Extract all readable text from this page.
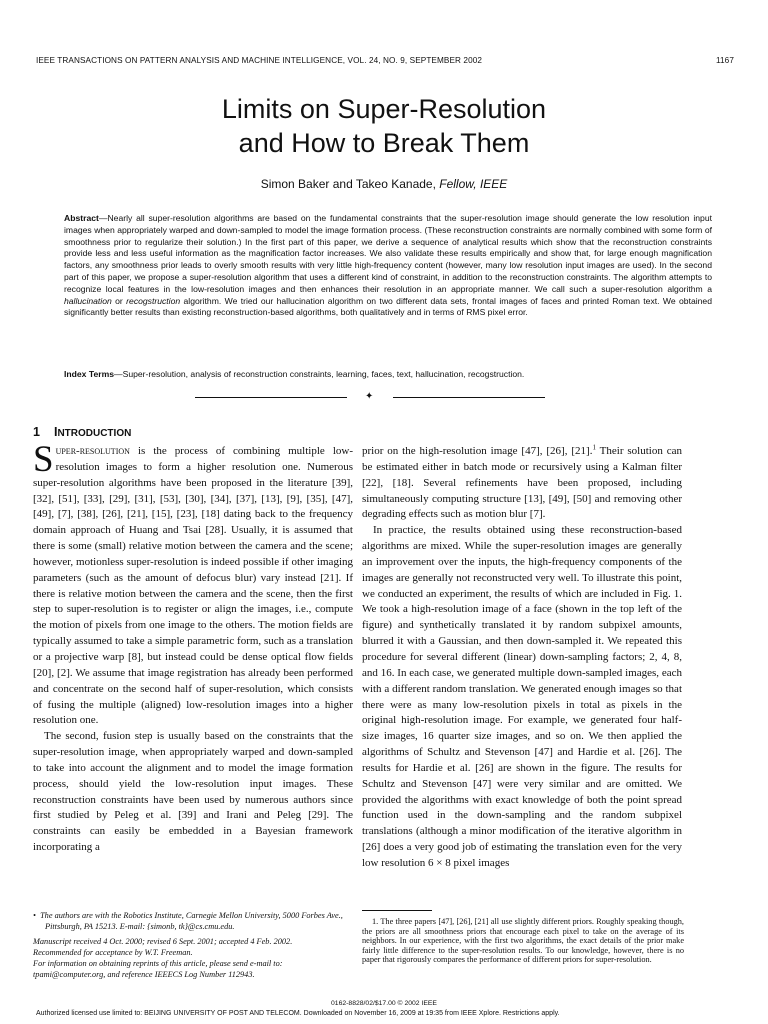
IEEE TRANSACTIONS ON PATTERN ANALYSIS AND MACHINE INTELLIGENCE, VOL. 24, NO. 9, SEPTEMBER 2002	1167
Limits on Super-Resolution
and How to Break Them
Simon Baker and Takeo Kanade, Fellow, IEEE

Abstract—Nearly all super-resolution algorithms are based on the fundamental constraints that the super-resolution image should generate the low resolution input images when appropriately warped and down-sampled to model the image formation process. (These reconstruction constraints are normally combined with some form of smoothness prior to regularize their solution.) In the first part of this paper, we derive a sequence of analytical results which show that the reconstruction constraints provide less and less useful information as the magnification factor increases. We also validate these results empirically and show that, for large enough magnification factors, any smoothness prior leads to overly smooth results with very little high-frequency content (however, many low resolution input images are used). In the second part of this paper, we propose a super-resolution algorithm that uses a different kind of constraint, in addition to the reconstruction constraints. The algorithm attempts to recognize local features in the low-resolution images and then enhances their resolution in an appropriate manner. We call such a super-resolution algorithm a hallucination or recogstruction algorithm. We tried our hallucination algorithm on two different data sets, frontal images of faces and printed Roman text. We obtained significantly better results than existing reconstruction-based algorithms, both qualitatively and in terms of RMS pixel error.

Index Terms—Super-resolution, analysis of reconstruction constraints, learning, faces, text, hallucination, recogstruction.

✦
1 INTRODUCTION

Super-resolution is the process of combining multiple low-resolution images to form a higher resolution one. Numerous super-resolution algorithms have been proposed in the literature [39], [32], [51], [33], [29], [31], [53], [30], [34], [37], [13], [9], [35], [47], [49], [7], [38], [26], [21], [15], [23], [18] dating back to the frequency domain approach of Huang and Tsai [28]. Usually, it is assumed that there is some (small) relative motion between the camera and the scene; however, motionless super-resolution is indeed possible if other imaging parameters (such as the amount of defocus blur) vary instead [21]. If there is relative motion between the camera and the scene, then the first step to super-resolution is to register or align the images, i.e., compute the motion of pixels from one image to the others. The motion fields are typically assumed to take a simple parametric form, such as a translation or a projective warp [8], but instead could be dense optical flow fields [20], [2]. We assume that image registration has already been performed and concentrate on the second half of super-resolution, which consists of fusing the multiple (aligned) low-resolution images into a higher resolution one.

The second, fusion step is usually based on the constraints that the super-resolution image, when appropriately warped and down-sampled to take into account the alignment and to model the image formation process, should yield the low-resolution input images. These reconstruction constraints have been used by numerous authors since first studied by Peleg et al. [39] and Irani and Peleg [29]. The constraints can easily be embedded in a Bayesian framework incorporating a

prior on the high-resolution image [47], [26], [21].$^1$ Their solution can be estimated either in batch mode or recursively using a Kalman filter [22], [18]. Several refinements have been proposed, including simultaneously computing structure [13], [49], [50] and removing other degrading effects such as motion blur [7].

In practice, the results obtained using these reconstruction-based algorithms are mixed. While the super-resolution images are generally an improvement over the inputs, the high-frequency components of the images are generally not reconstructed very well. To illustrate this point, we conducted an experiment, the results of which are included in Fig. 1. We took a high-resolution image of a face (shown in the top left of the figure) and synthetically translated it by random subpixel amounts, blurred it with a Gaussian, and then down-sampled it. We repeated this procedure for several different (linear) down-sampling factors; 2, 4, 8, and 16. In each case, we generated multiple down-sampled images, each with a different random translation. We generated enough images so that there were as many low-resolution pixels in total as pixels in the original high-resolution image. For example, we generated four half-size images, 16 quarter size images, and so on. We then applied the algorithms of Schultz and Stevenson [47] and Hardie et al. [26]. The results for Hardie et al. [26] are shown in the figure. The results for Schultz and Stevenson [47] were very similar and are omitted. We provided the algorithms with exact knowledge of both the point spread function used in the down-sampling and the random subpixel translations (although a minor modification of the iterative algorithm in [26] does a very good job of estimating the translation even for the very low resolution 6 × 8 pixel images

• The authors are with the Robotics Institute, Carnegie Mellon University, 5000 Forbes Ave., Pittsburgh, PA 15213. E-mail: {simonb, tk}@cs.cmu.edu.

Manuscript received 4 Oct. 2000; revised 6 Sept. 2001; accepted 4 Feb. 2002.

Recommended for acceptance by W.T. Freeman.

For information on obtaining reprints of this article, please send e-mail to: tpami@computer.org, and reference IEEECS Log Number 112943.

1. The three papers [47], [26], [21] all use slightly different priors. Roughly speaking though, the priors are all smoothness priors that encourage each pixel to take on the average of its neighbors. In our experience, with the first two algorithms, the exact details of the prior make fairly little difference to the super-resolution results. To our knowledge, however, there is no paper that rigorously compares the performance of different priors for super-resolution.

0162-8828/02/$17.00 © 2002 IEEE
Authorized licensed use limited to: BEIJING UNIVERSITY OF POST AND TELECOM. Downloaded on November 16, 2009 at 19:35 from IEEE Xplore. Restrictions apply.
